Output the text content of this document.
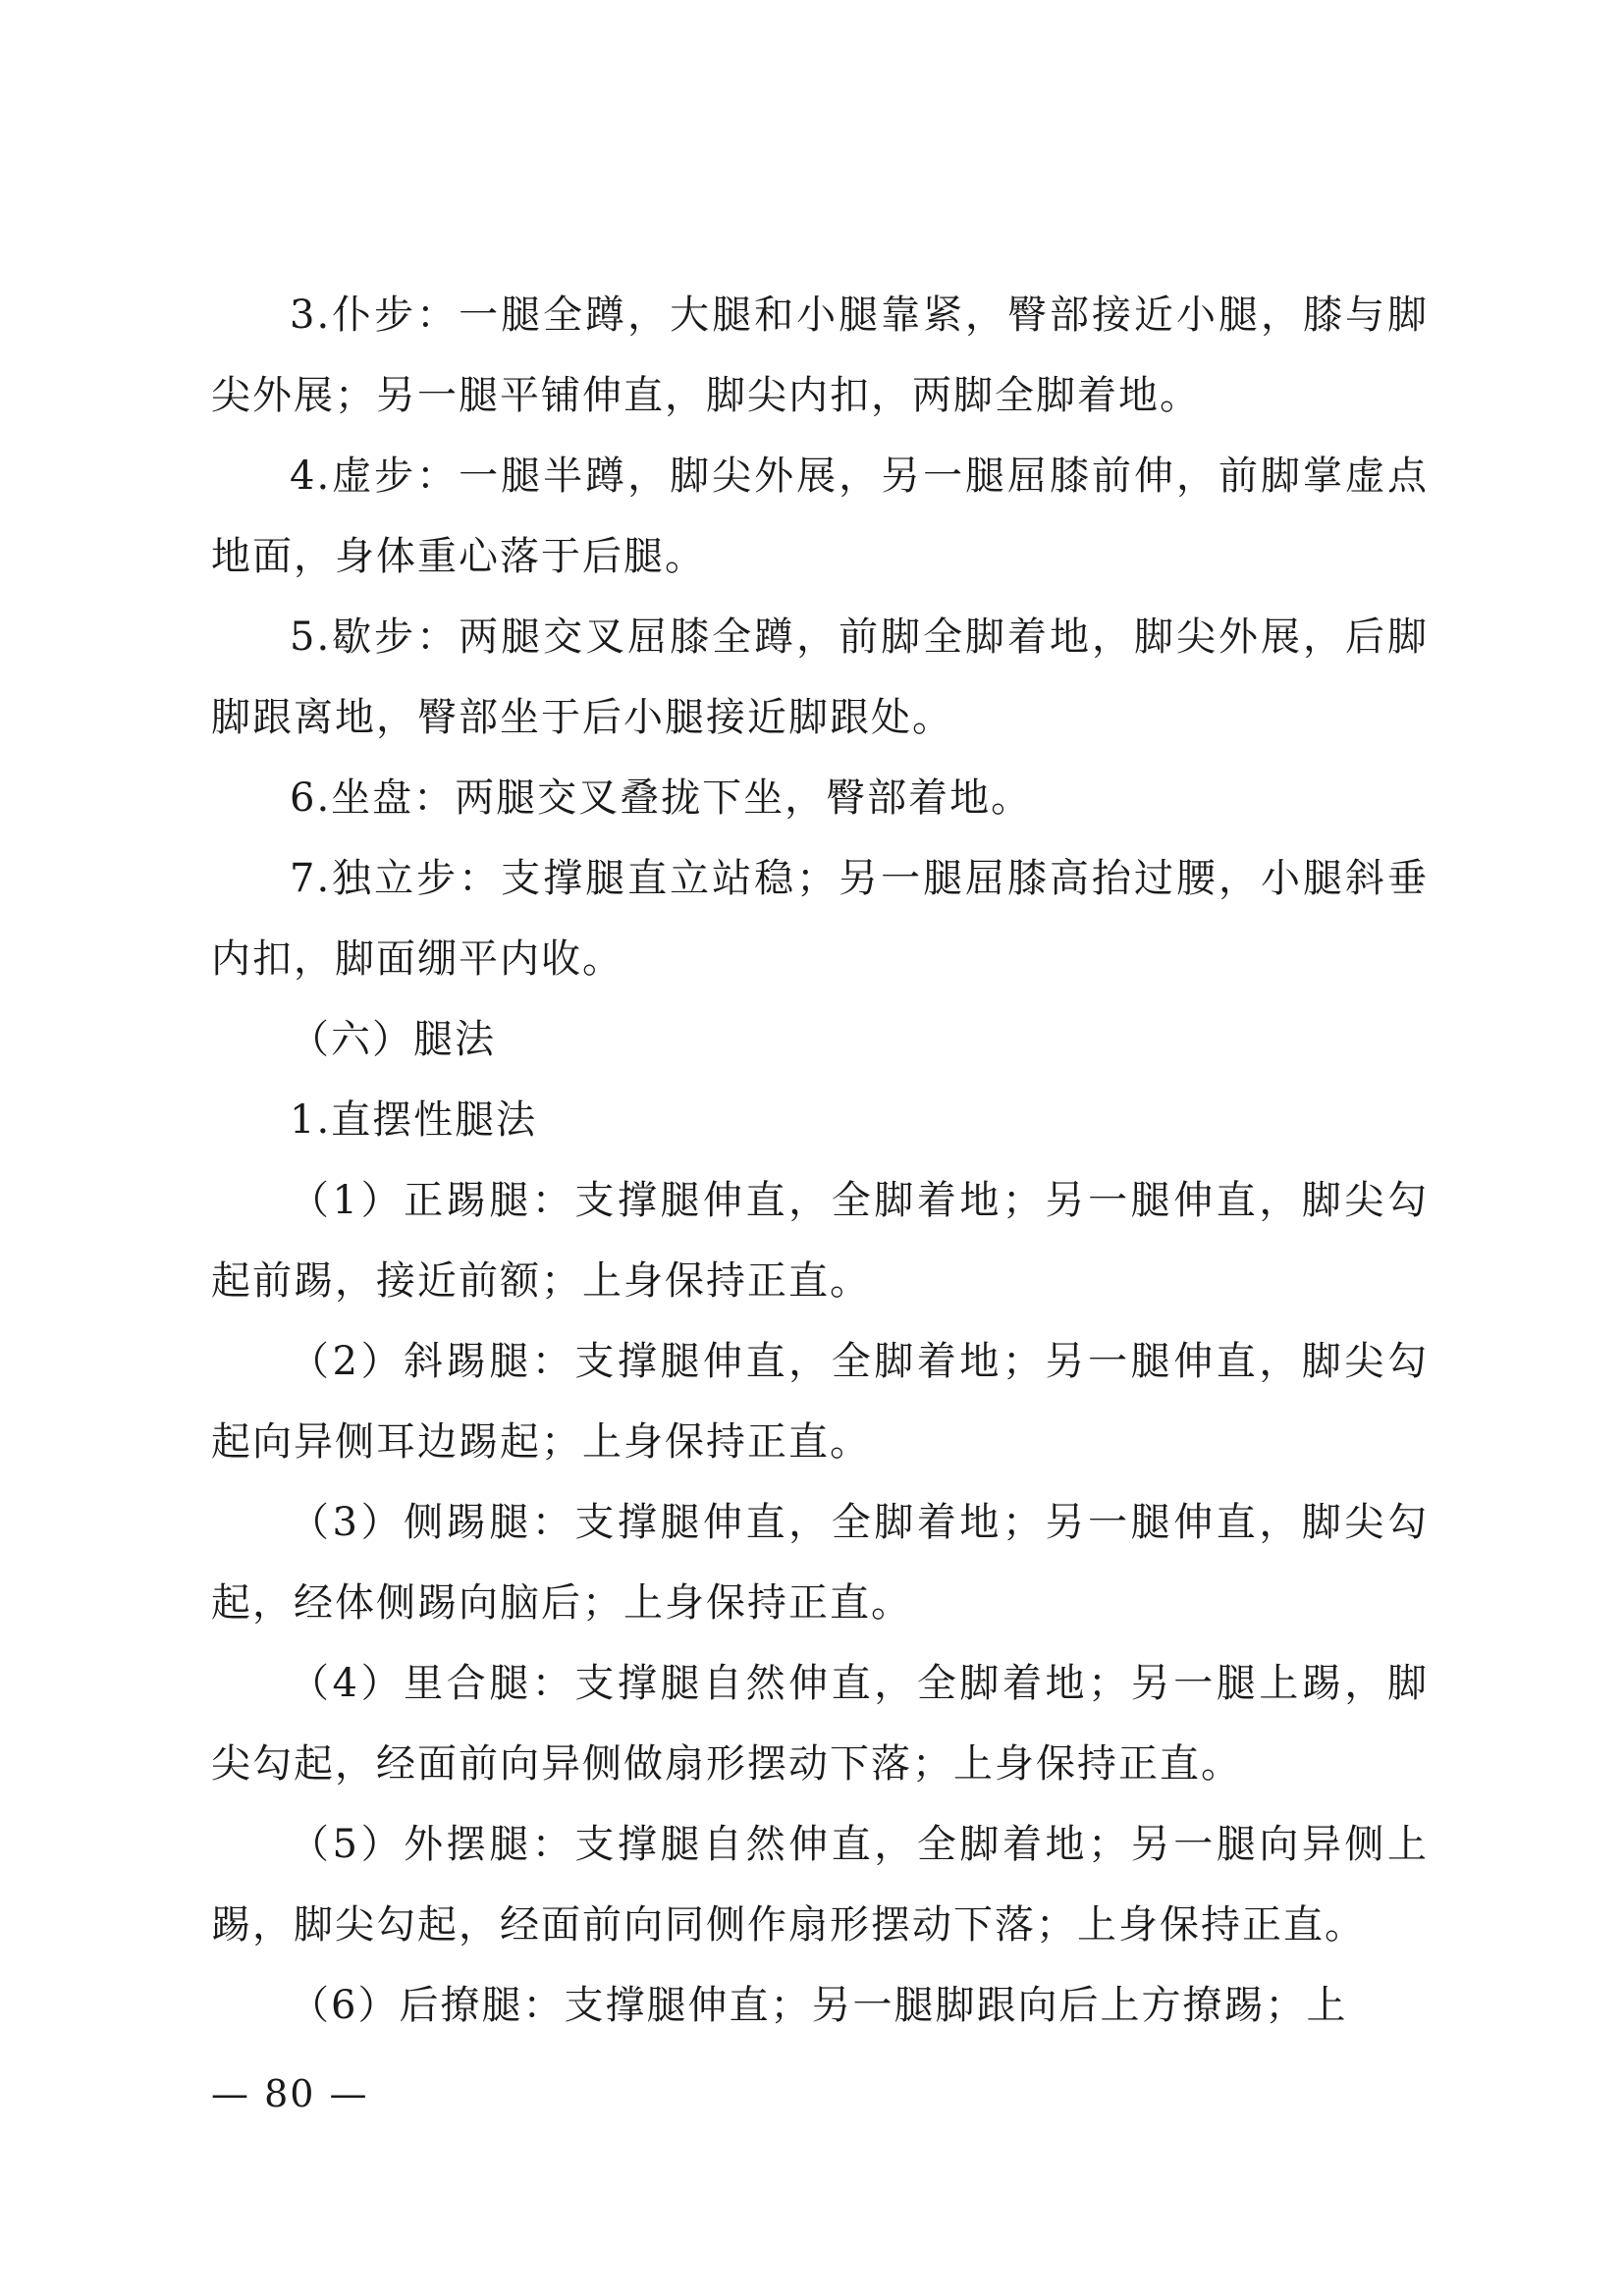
3.仆步：一腿全蹲，大腿和小腿靠紧，臀部接近小腿，膝与脚尖外展；另一腿平铺伸直，脚尖内扣，两脚全脚着地。

4.虚步：一腿半蹲，脚尖外展，另一腿屈膝前伸，前脚掌虚点地面，身体重心落于后腿。

5.歇步：两腿交叉屈膝全蹲，前脚全脚着地，脚尖外展，后脚脚跟离地，臀部坐于后小腿接近脚跟处。

6.坐盘：两腿交叉叠拢下坐，臀部着地。

7.独立步：支撑腿直立站稳；另一腿屈膝高抬过腰，小腿斜垂内扣，脚面绷平内收。

（六）腿法

1.直摆性腿法

（1）正踢腿：支撑腿伸直，全脚着地；另一腿伸直，脚尖勾起前踢，接近前额；上身保持正直。

（2）斜踢腿：支撑腿伸直，全脚着地；另一腿伸直，脚尖勾起向异侧耳边踢起；上身保持正直。

（3）侧踢腿：支撑腿伸直，全脚着地；另一腿伸直，脚尖勾起，经体侧踢向脑后；上身保持正直。

（4）里合腿：支撑腿自然伸直，全脚着地；另一腿上踢，脚尖勾起，经面前向异侧做扇形摆动下落；上身保持正直。

（5）外摆腿：支撑腿自然伸直，全脚着地；另一腿向异侧上踢，脚尖勾起，经面前向同侧作扇形摆动下落；上身保持正直。

（6）后撩腿：支撑腿伸直；另一腿脚跟向后上方撩踢；上

— 80 —
